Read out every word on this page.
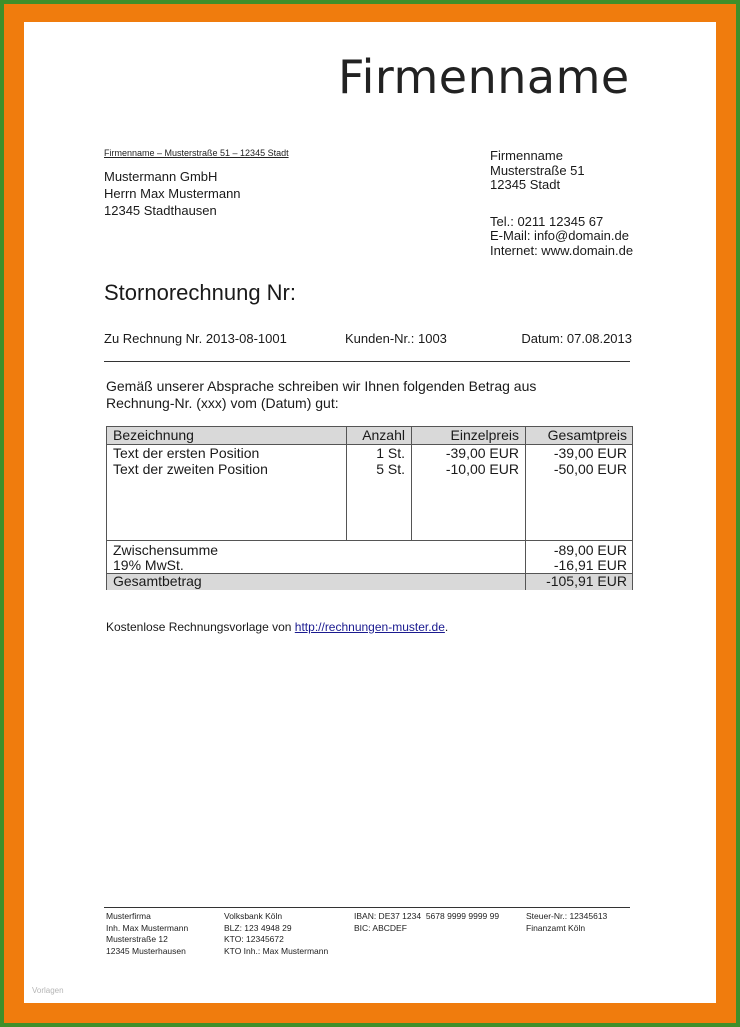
Firmenname
Firmenname – Musterstraße 51 – 12345 Stadt
Mustermann GmbH
Herrn Max Mustermann
12345 Stadthausen
Firmenname
Musterstraße 51
12345 Stadt
Tel.: 0211 12345 67
E-Mail: info@domain.de
Internet: www.domain.de
Stornorechnung Nr:
Zu Rechnung Nr. 2013-08-1001	Kunden-Nr.: 1003	Datum: 07.08.2013
Gemäß unserer Absprache schreiben wir Ihnen folgenden Betrag aus
Rechnung-Nr. (xxx) vom (Datum) gut:
Bezeichnung	Anzahl	Einzelpreis	Gesamtpreis
Text der ersten Position	1 St.	-39,00 EUR	-39,00 EUR
Text der zweiten Position	5 St.	-10,00 EUR	-50,00 EUR
Zwischensumme	-89,00 EUR
19% MwSt.	-16,91 EUR
Gesamtbetrag	-105,91 EUR
Kostenlose Rechnungsvorlage von http://rechnungen-muster.de.
Musterfirma
Inh. Max Mustermann
Musterstraße 12
12345 Musterhausen
Volksbank Köln
BLZ: 123 4948 29
KTO: 12345672
KTO Inh.: Max Mustermann
IBAN: DE37 1234  5678 9999 9999 99
BIC: ABCDEF
Steuer-Nr.: 12345613
Finanzamt Köln
Vorlagen
